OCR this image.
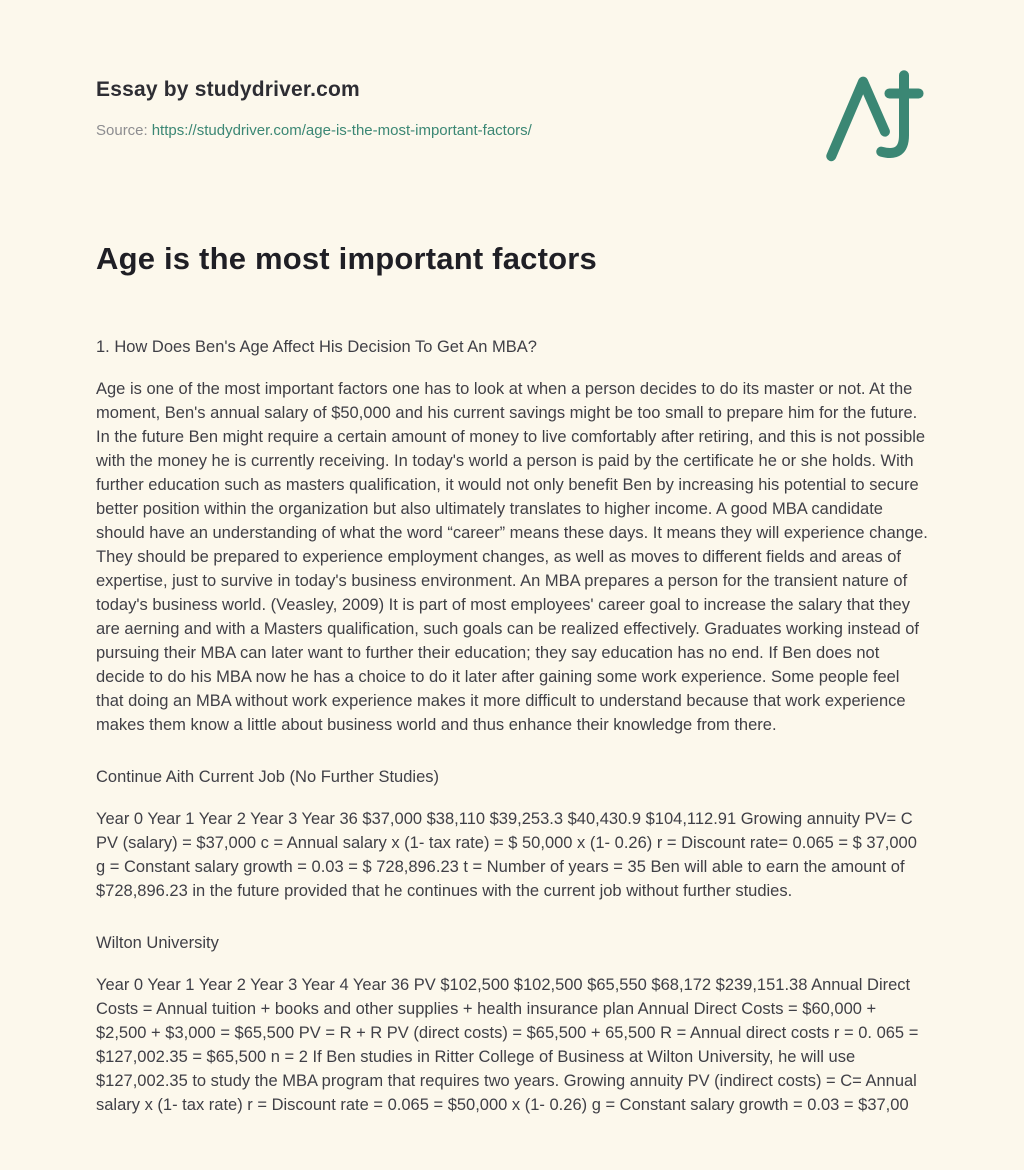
Essay by studydriver.com
Source: https://studydriver.com/age-is-the-most-important-factors/
Age is the most important factors
1. How Does Ben's Age Affect His Decision To Get An MBA?
Age is one of the most important factors one has to look at when a person decides to do its master or not. At the moment, Ben's annual salary of $50,000 and his current savings might be too small to prepare him for the future. In the future Ben might require a certain amount of money to live comfortably after retiring, and this is not possible with the money he is currently receiving. In today's world a person is paid by the certificate he or she holds. With further education such as masters qualification, it would not only benefit Ben by increasing his potential to secure better position within the organization but also ultimately translates to higher income. A good MBA candidate should have an understanding of what the word “career” means these days. It means they will experience change. They should be prepared to experience employment changes, as well as moves to different fields and areas of expertise, just to survive in today's business environment. An MBA prepares a person for the transient nature of today's business world. (Veasley, 2009) It is part of most employees' career goal to increase the salary that they are aerning and with a Masters qualification, such goals can be realized effectively. Graduates working instead of pursuing their MBA can later want to further their education; they say education has no end. If Ben does not decide to do his MBA now he has a choice to do it later after gaining some work experience. Some people feel that doing an MBA without work experience makes it more difficult to understand because that work experience makes them know a little about business world and thus enhance their knowledge from there.
Continue Aith Current Job (No Further Studies)
Year 0 Year 1 Year 2 Year 3 Year 36 $37,000 $38,110 $39,253.3 $40,430.9 $104,112.91 Growing annuity PV= C PV (salary) = $37,000 c = Annual salary x (1- tax rate) = $ 50,000 x (1- 0.26) r = Discount rate= 0.065 = $ 37,000 g = Constant salary growth = 0.03 = $ 728,896.23 t = Number of years = 35 Ben will able to earn the amount of $728,896.23 in the future provided that he continues with the current job without further studies.
Wilton University
Year 0 Year 1 Year 2 Year 3 Year 4 Year 36 PV $102,500 $102,500 $65,550 $68,172 $239,151.38 Annual Direct Costs = Annual tuition + books and other supplies + health insurance plan Annual Direct Costs = $60,000 + $2,500 + $3,000 = $65,500 PV = R + R PV (direct costs) = $65,500 + 65,500 R = Annual direct costs r = 0. 065 = $127,002.35 = $65,500 n = 2 If Ben studies in Ritter College of Business at Wilton University, he will use $127,002.35 to study the MBA program that requires two years. Growing annuity PV (indirect costs) = C= Annual salary x (1- tax rate) r = Discount rate = 0.065 = $50,000 x (1- 0.26) g = Constant salary growth = 0.03 = $37,00
